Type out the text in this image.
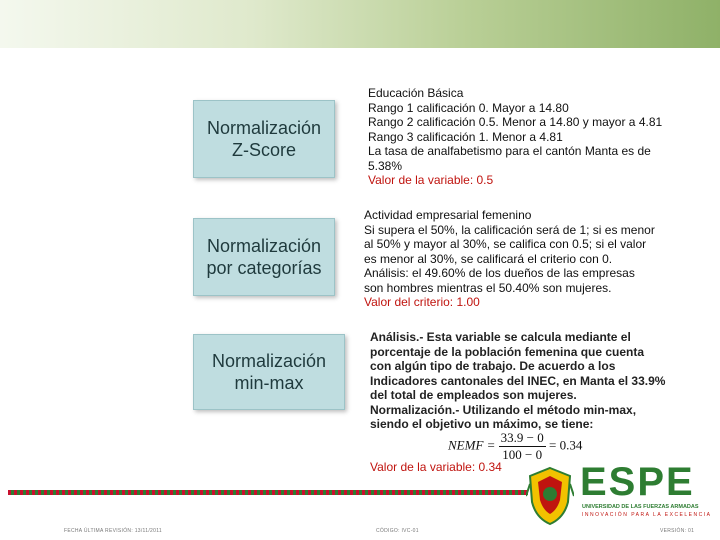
Normalización
Z-Score
Normalización
por categorías
Normalización
min-max
Educación Básica
Rango 1 calificación 0. Mayor a 14.80
Rango 2 calificación 0.5. Menor a 14.80 y mayor a 4.81
Rango 3 calificación 1. Menor a 4.81
La tasa de analfabetismo para el cantón Manta es de
5.38%
Valor de la variable: 0.5
Actividad empresarial femenino
Si supera el 50%, la calificación será de 1; si es menor
al 50% y mayor al 30%, se califica con 0.5; si el valor
es menor al 30%, se calificará el criterio con 0.
Análisis: el 49.60% de los dueños de las empresas
son hombres mientras el 50.40% son mujeres.
Valor del criterio: 1.00
Análisis.- Esta variable se calcula mediante el
porcentaje de la población femenina que cuenta
con algún tipo de trabajo. De acuerdo a los
Indicadores cantonales del INEC, en Manta el 33.9%
del total de empleados son mujeres.
Normalización.- Utilizando el método min-max,
siendo el objetivo un máximo, se tiene:
NEMF = $\frac{33.9 - 0}{100 - 0} = 0.34$
Valor de la variable: 0.34 ESPE
UNIVERSIDAD DE LAS FUERZAS ARMADAS
INNOVACIÓN PARA LA EXCELENCIA
FECHA ÚLTIMA REVISIÓN: 13/11/2011	CÓDIGO: IVC-01	VERSIÓN: 01
